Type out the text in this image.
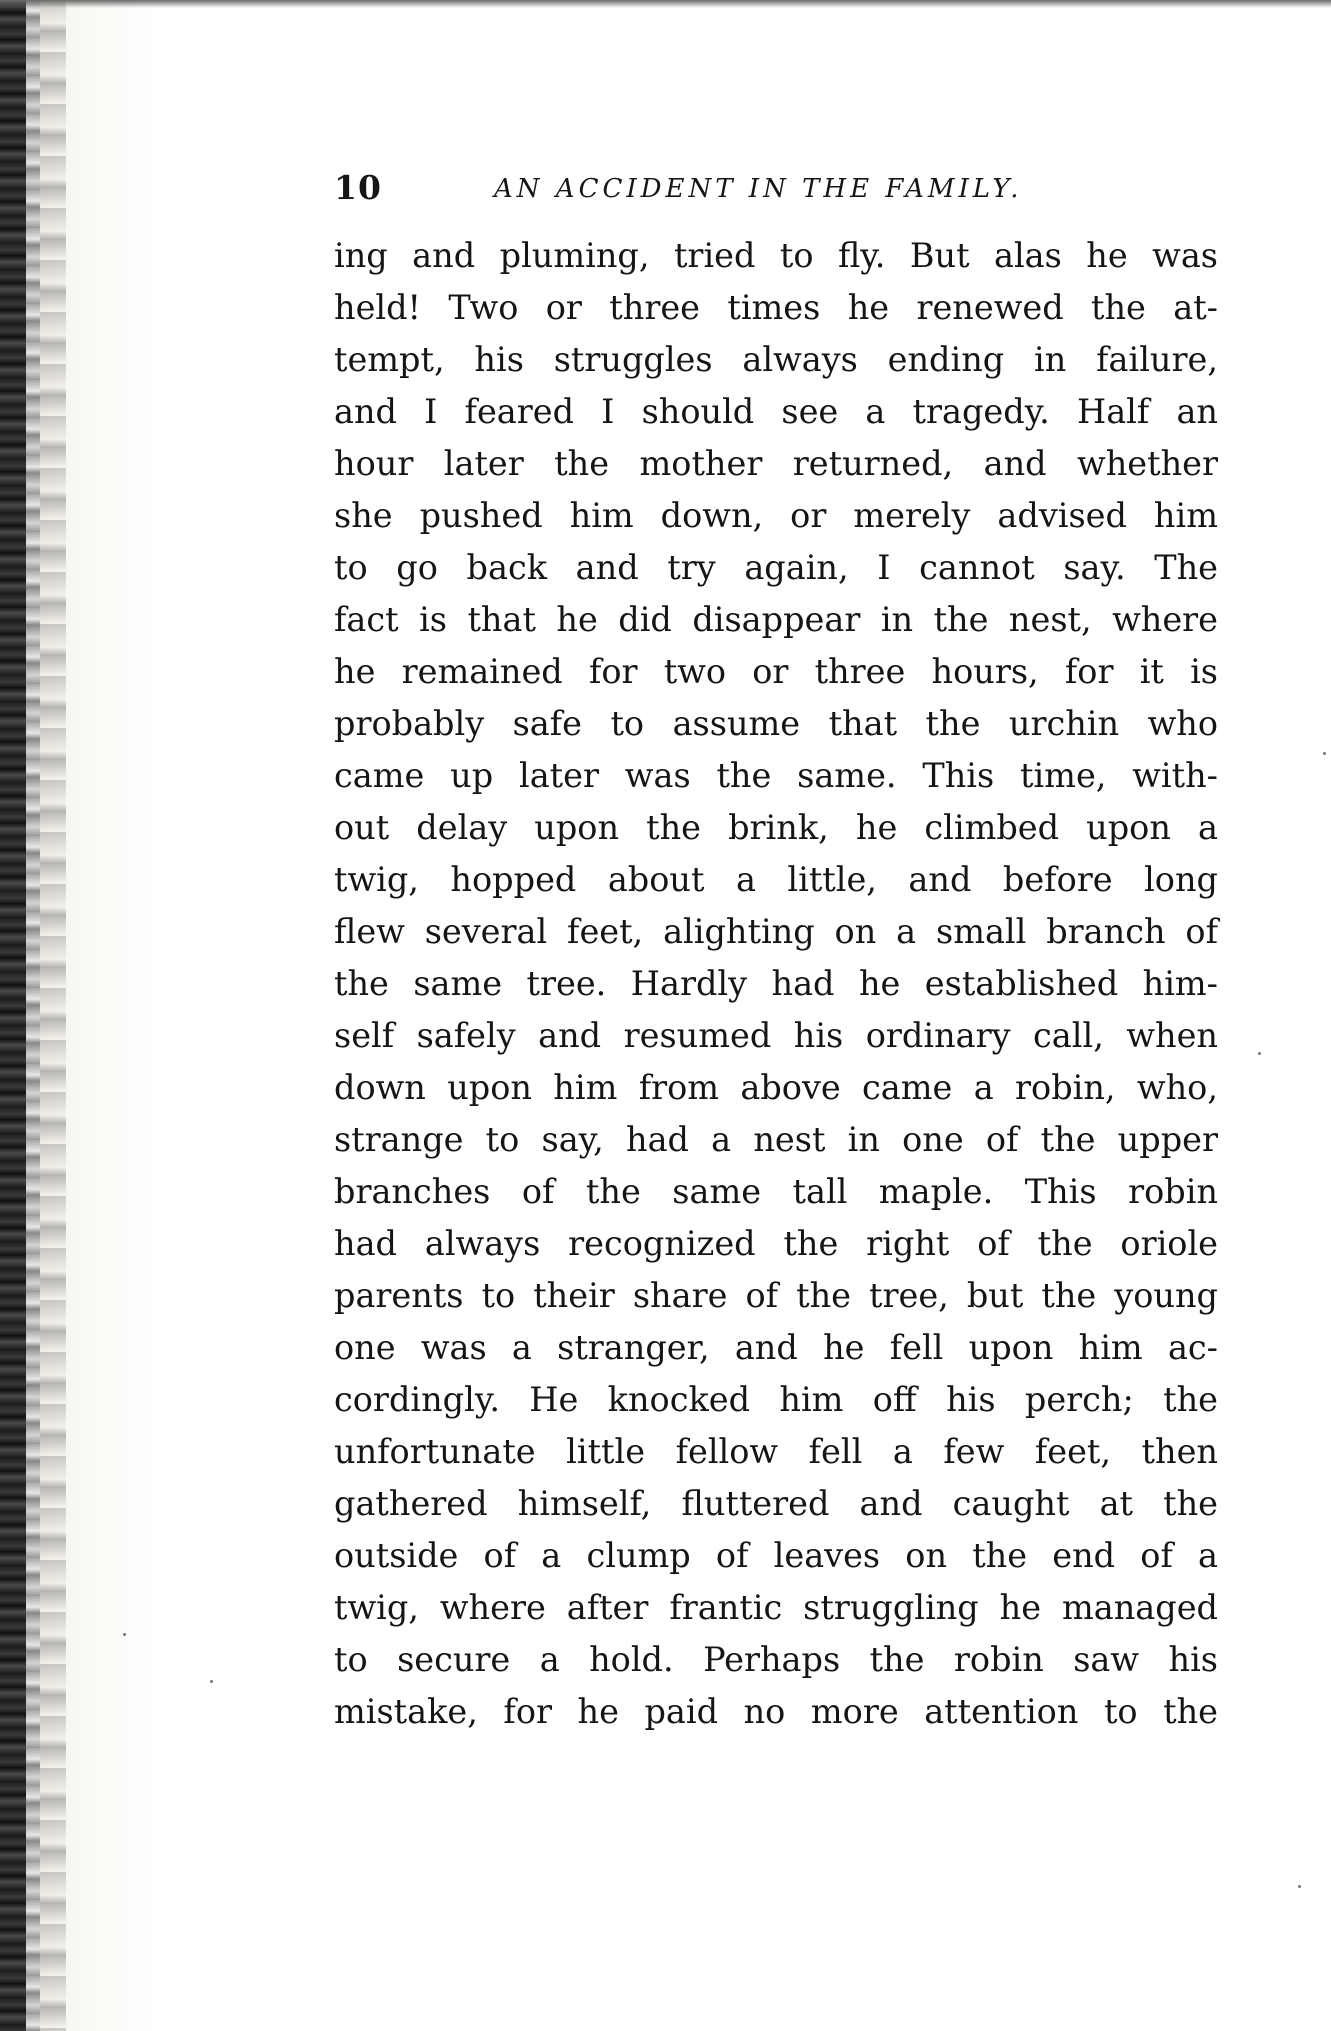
10	AN ACCIDENT IN THE FAMILY.
ing and pluming, tried to fly. But alas he was
held! Two or three times he renewed the at-
tempt, his struggles always ending in failure,
and I feared I should see a tragedy. Half an
hour later the mother returned, and whether
she pushed him down, or merely advised him
to go back and try again, I cannot say. The
fact is that he did disappear in the nest, where
he remained for two or three hours, for it is
probably safe to assume that the urchin who
came up later was the same. This time, with-
out delay upon the brink, he climbed upon a
twig, hopped about a little, and before long
flew several feet, alighting on a small branch of
the same tree. Hardly had he established him-
self safely and resumed his ordinary call, when
down upon him from above came a robin, who,
strange to say, had a nest in one of the upper
branches of the same tall maple. This robin
had always recognized the right of the oriole
parents to their share of the tree, but the young
one was a stranger, and he fell upon him ac-
cordingly. He knocked him off his perch; the
unfortunate little fellow fell a few feet, then
gathered himself, fluttered and caught at the
outside of a clump of leaves on the end of a
twig, where after frantic struggling he managed
to secure a hold. Perhaps the robin saw his
mistake, for he paid no more attention to the
